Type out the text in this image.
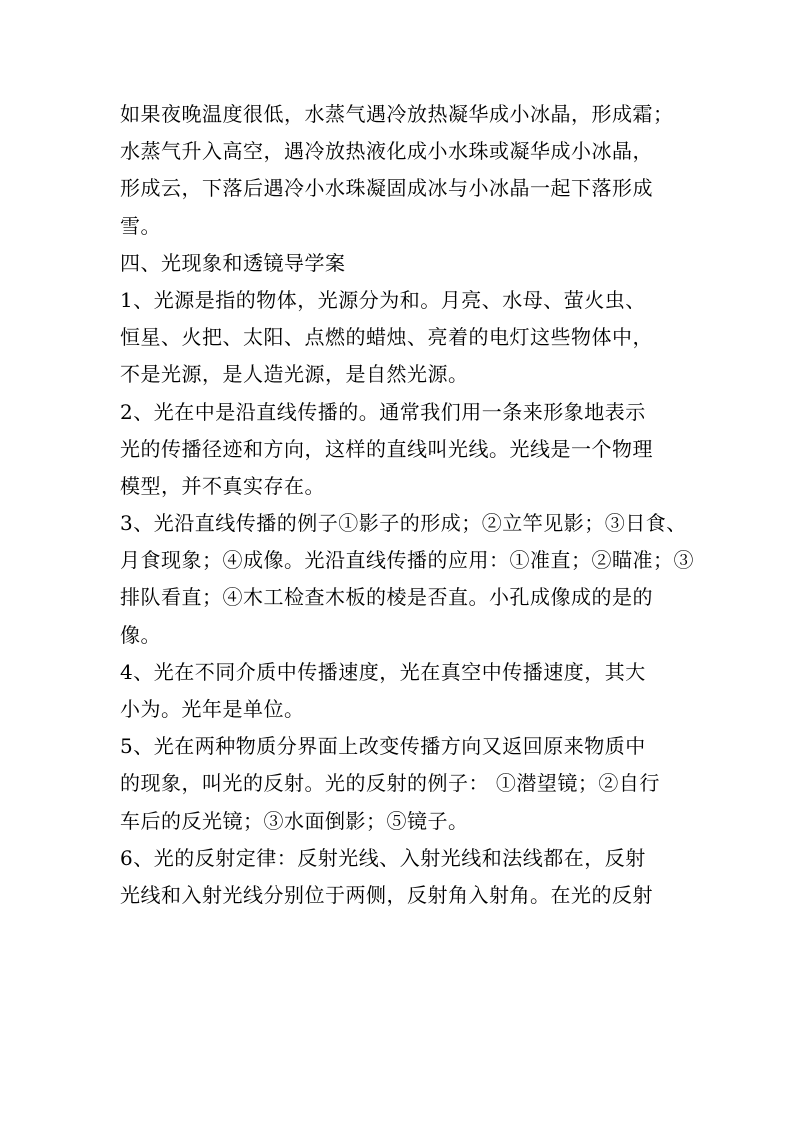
如果夜晚温度很低，水蒸气遇冷放热凝华成小冰晶，形成霜；
水蒸气升入高空，遇冷放热液化成小水珠或凝华成小冰晶，
形成云，下落后遇冷小水珠凝固成冰与小冰晶一起下落形成
雪。
四、光现象和透镜导学案
1、光源是指的物体，光源分为和。月亮、水母、萤火虫、
恒星、火把、太阳、点燃的蜡烛、亮着的电灯这些物体中，
不是光源，是人造光源，是自然光源。
2、光在中是沿直线传播的。通常我们用一条来形象地表示
光的传播径迹和方向，这样的直线叫光线。光线是一个物理
模型，并不真实存在。
3、光沿直线传播的例子①影子的形成；②立竿见影；③日食、
月食现象；④成像。光沿直线传播的应用：①准直；②瞄准；③
排队看直；④木工检查木板的棱是否直。小孔成像成的是的
像。
4、光在不同介质中传播速度，光在真空中传播速度，其大
小为。光年是单位。
5、光在两种物质分界面上改变传播方向又返回原来物质中
的现象，叫光的反射。光的反射的例子： ①潜望镜；②自行
车后的反光镜；③水面倒影；⑤镜子。
6、光的反射定律：反射光线、入射光线和法线都在，反射
光线和入射光线分别位于两侧，反射角入射角。在光的反射
